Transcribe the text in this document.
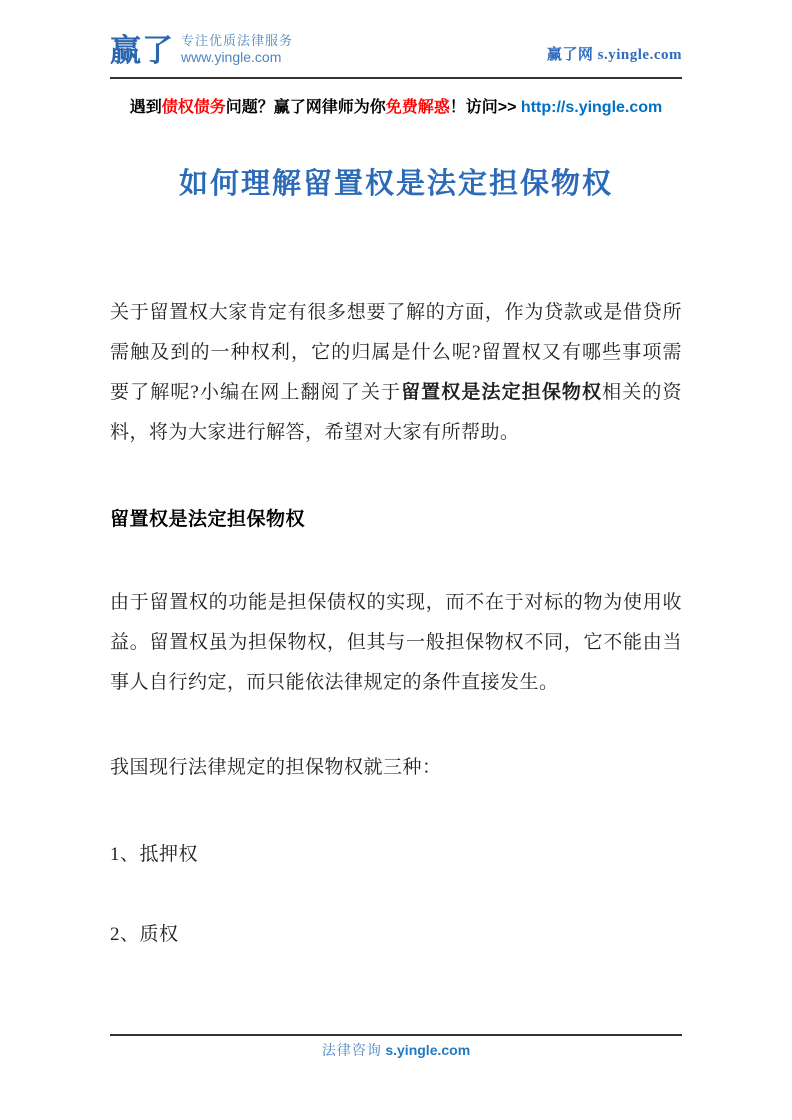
赢了 专注优质法律服务
www.yingle.com	赢了网 s.yingle.com
遇到债权债务问题？赢了网律师为你免费解惑！访问>> http://s.yingle.com
如何理解留置权是法定担保物权

关于留置权大家肯定有很多想要了解的方面，作为贷款或是借贷所需触及到的一种权利，它的归属是什么呢?留置权又有哪些事项需要了解呢?小编在网上翻阅了关于留置权是法定担保物权相关的资料，将为大家进行解答，希望对大家有所帮助。

留置权是法定担保物权

由于留置权的功能是担保债权的实现，而不在于对标的物为使用收益。留置权虽为担保物权，但其与一般担保物权不同，它不能由当事人自行约定，而只能依法律规定的条件直接发生。

我国现行法律规定的担保物权就三种：

1、抵押权

2、质权

法律咨询 s.yingle.com
